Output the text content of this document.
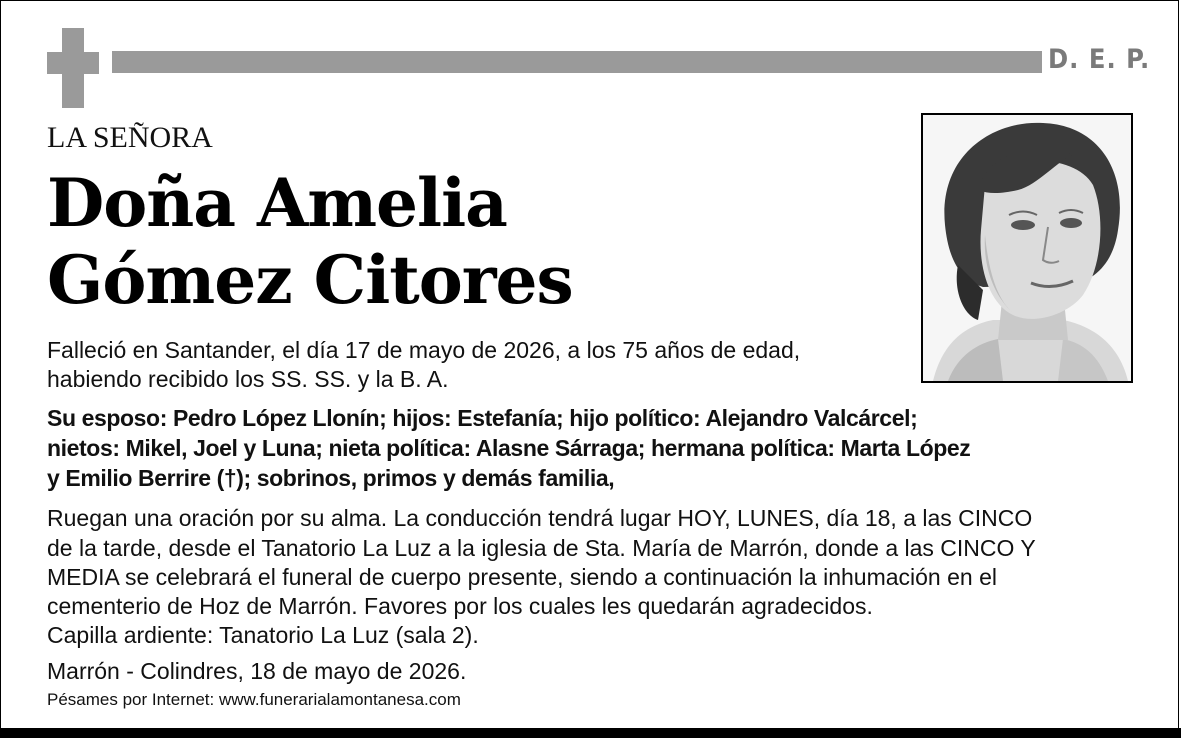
D. E. P.
LA SEÑORA
Doña Amelia
Gómez Citores
Falleció en Santander, el día 17 de mayo de 2026, a los 75 años de edad,
habiendo recibido los SS. SS. y la B. A.
Su esposo: Pedro López Llonín; hijos: Estefanía; hijo político: Alejandro Valcárcel;
nietos: Mikel, Joel y Luna; nieta política: Alasne Sárraga; hermana política: Marta López
y Emilio Berrire (†); sobrinos, primos y demás familia,
Ruegan una oración por su alma. La conducción tendrá lugar HOY, LUNES, día 18, a las CINCO
de la tarde, desde el Tanatorio La Luz a la iglesia de Sta. María de Marrón, donde a las CINCO Y
MEDIA se celebrará el funeral de cuerpo presente, siendo a continuación la inhumación en el
cementerio de Hoz de Marrón. Favores por los cuales les quedarán agradecidos.
Capilla ardiente: Tanatorio La Luz (sala 2).
Marrón - Colindres, 18 de mayo de 2026.
Pésames por Internet: www.funerarialamontanesa.com
